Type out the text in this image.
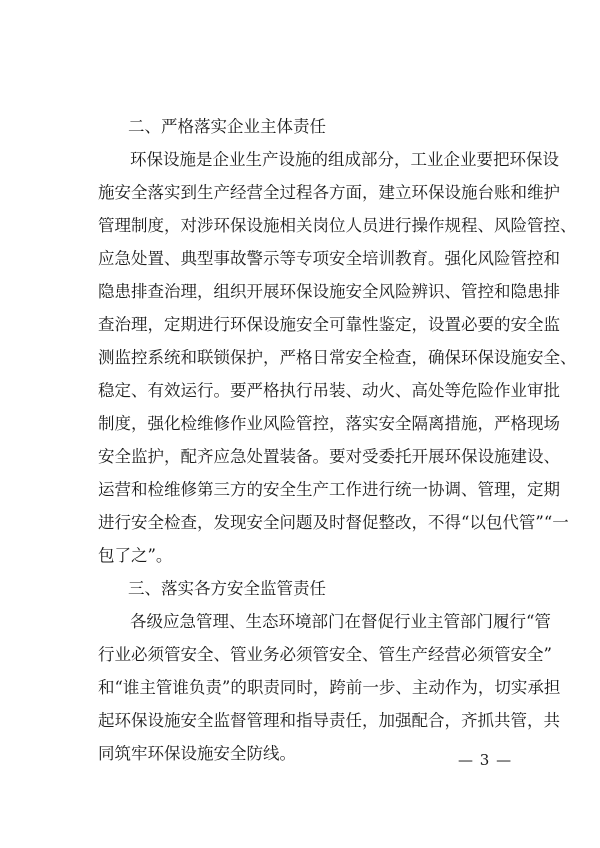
二、严格落实企业主体责任

环保设施是企业生产设施的组成部分，工业企业要把环保设

施安全落实到生产经营全过程各方面，建立环保设施台账和维护

管理制度，对涉环保设施相关岗位人员进行操作规程、风险管控、

应急处置、典型事故警示等专项安全培训教育。强化风险管控和

隐患排查治理，组织开展环保设施安全风险辨识、管控和隐患排

查治理，定期进行环保设施安全可靠性鉴定，设置必要的安全监

测监控系统和联锁保护，严格日常安全检查，确保环保设施安全、

稳定、有效运行。要严格执行吊装、动火、高处等危险作业审批

制度，强化检维修作业风险管控，落实安全隔离措施，严格现场

安全监护，配齐应急处置装备。要对受委托开展环保设施建设、

运营和检维修第三方的安全生产工作进行统一协调、管理，定期

进行安全检查，发现安全问题及时督促整改，不得“以包代管”“一

包了之”。

三、落实各方安全监管责任

各级应急管理、生态环境部门在督促行业主管部门履行“管

行业必须管安全、管业务必须管安全、管生产经营必须管安全”

和“谁主管谁负责”的职责同时，跨前一步、主动作为，切实承担

起环保设施安全监督管理和指导责任，加强配合，齐抓共管，共

同筑牢环保设施安全防线。	— 3 —
